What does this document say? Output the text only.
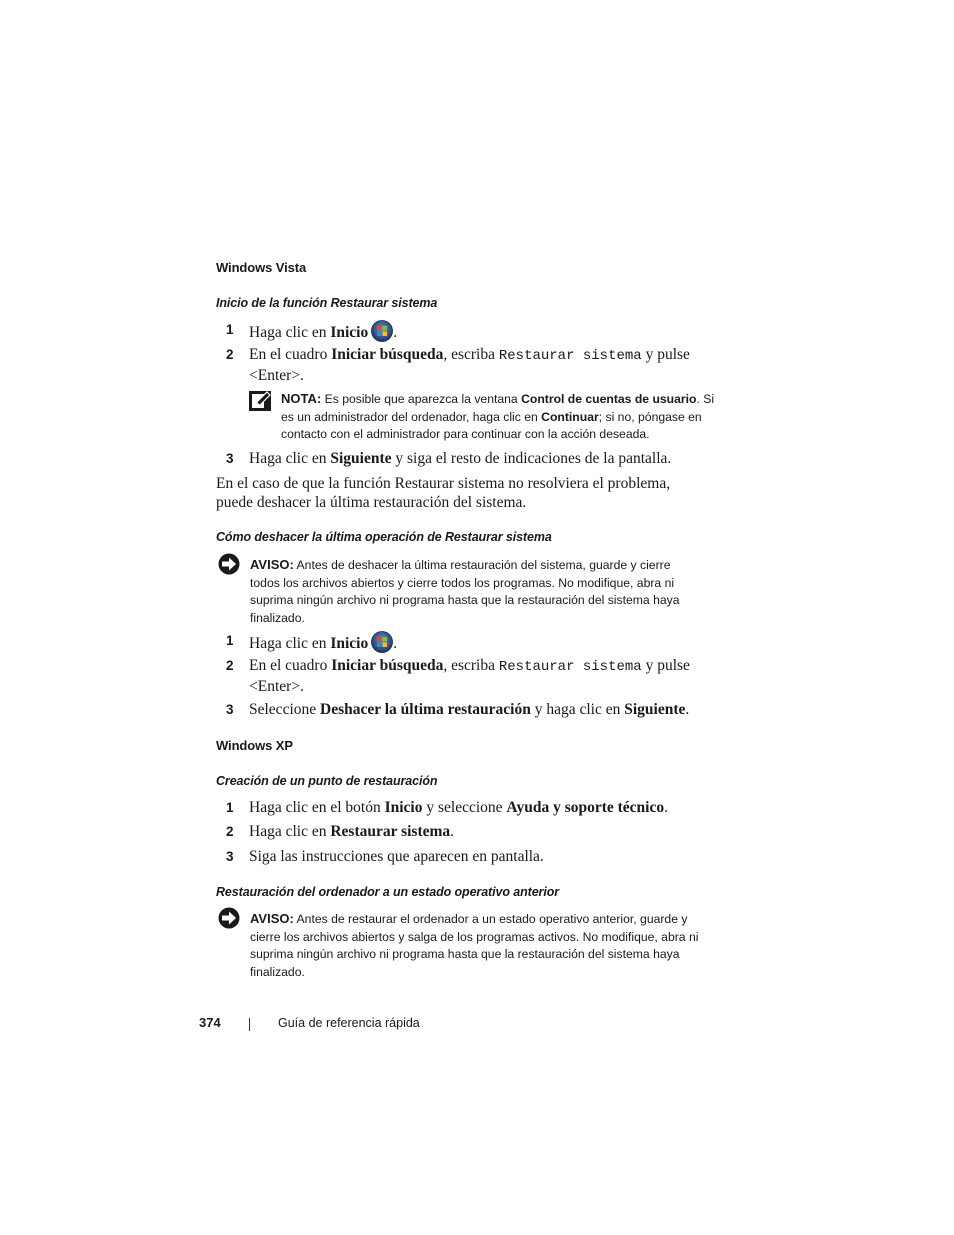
Windows Vista
Inicio de la función Restaurar sistema
1 Haga clic en Inicio .
2 En el cuadro Iniciar búsqueda, escriba Restaurar sistema y pulse
<Enter>.
NOTA: Es posible que aparezca la ventana Control de cuentas de usuario. Si
es un administrador del ordenador, haga clic en Continuar; si no, póngase en
contacto con el administrador para continuar con la acción deseada.
3 Haga clic en Siguiente y siga el resto de indicaciones de la pantalla.
En el caso de que la función Restaurar sistema no resolviera el problema,
puede deshacer la última restauración del sistema.
Cómo deshacer la última operación de Restaurar sistema
AVISO: Antes de deshacer la última restauración del sistema, guarde y cierre
todos los archivos abiertos y cierre todos los programas. No modifique, abra ni
suprima ningún archivo ni programa hasta que la restauración del sistema haya
finalizado.
1 Haga clic en Inicio .
2 En el cuadro Iniciar búsqueda, escriba Restaurar sistema y pulse
<Enter>.
3 Seleccione Deshacer la última restauración y haga clic en Siguiente.
Windows XP
Creación de un punto de restauración
1 Haga clic en el botón Inicio y seleccione Ayuda y soporte técnico.
2 Haga clic en Restaurar sistema.
3 Siga las instrucciones que aparecen en pantalla.
Restauración del ordenador a un estado operativo anterior
AVISO: Antes de restaurar el ordenador a un estado operativo anterior, guarde y
cierre los archivos abiertos y salga de los programas activos. No modifique, abra ni
suprima ningún archivo ni programa hasta que la restauración del sistema haya
finalizado.
374	Guía de referencia rápida
